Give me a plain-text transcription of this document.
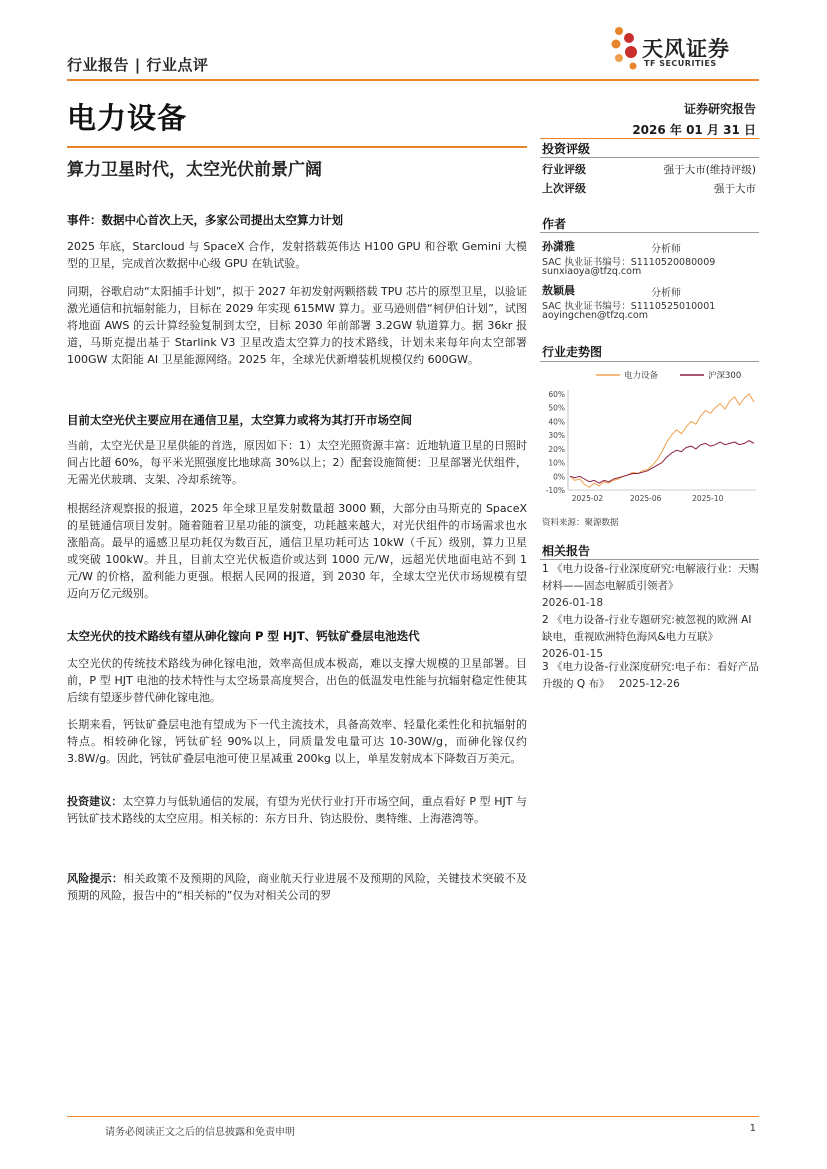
行业报告 | 行业点评
天风证券
TF SECURITIES
电力设备	证券研究报告
2026 年 01 月 31 日
算力卫星时代，太空光伏前景广阔
投资评级
行业评级	强于大市(维持评级)
上次评级	强于大市
作者
孙潇雅	分析师
SAC 执业证书编号：S1110520080009
sunxiaoya@tfzq.com
敖颖晨	分析师
SAC 执业证书编号：S1110525010001
aoyingchen@tfzq.com
行业走势图
电力设备	沪深300
60%
50%
40%
30%
20%
10%
0%
-10%
2025-02	2025-06	2025-10
资料来源：聚源数据
相关报告
1 《电力设备-行业深度研究:电解液行业：天赐材料——固态电解质引领者》
2026-01-18
2 《电力设备-行业专题研究:被忽视的欧洲 AI 缺电，重视欧洲特色海风&电力互联》
2026-01-15
3 《电力设备-行业深度研究:电子布：看好产品升级的 Q 布》 2025-12-26
事件：数据中心首次上天，多家公司提出太空算力计划
2025 年底，Starcloud 与 SpaceX 合作，发射搭载英伟达 H100 GPU 和谷歌 Gemini 大模型的卫星，完成首次数据中心级 GPU 在轨试验。
同期，谷歌启动“太阳捕手计划”，拟于 2027 年初发射两颗搭载 TPU 芯片的原型卫星，以验证激光通信和抗辐射能力，目标在 2029 年实现 615MW 算力。亚马逊则借“柯伊伯计划”，试图将地面 AWS 的云计算经验复制到太空，目标 2030 年前部署 3.2GW 轨道算力。据 36kr 报道，马斯克提出基于 Starlink V3 卫星改造太空算力的技术路线，计划未来每年向太空部署 100GW 太阳能 AI 卫星能源网络。2025 年，全球光伏新增装机规模仅约 600GW。
目前太空光伏主要应用在通信卫星，太空算力或将为其打开市场空间
当前，太空光伏是卫星供能的首选，原因如下：1）太空光照资源丰富：近地轨道卫星的日照时间占比超 60%，每平米光照强度比地球高 30%以上；2）配套设施简便：卫星部署光伏组件，无需光伏玻璃、支架、冷却系统等。
根据经济观察报的报道，2025 年全球卫星发射数量超 3000 颗，大部分由马斯克的 SpaceX 的星链通信项目发射。随着随着卫星功能的演变，功耗越来越大，对光伏组件的市场需求也水涨船高。最早的遥感卫星功耗仅为数百瓦，通信卫星功耗可达 10kW（千瓦）级别，算力卫星或突破 100kW。并且，目前太空光伏板造价或达到 1000 元/W，远超光伏地面电站不到 1 元/W 的价格，盈利能力更强。根据人民网的报道，到 2030 年，全球太空光伏市场规模有望迈向万亿元级别。
太空光伏的技术路线有望从砷化镓向 P 型 HJT、钙钛矿叠层电池迭代
太空光伏的传统技术路线为砷化镓电池，效率高但成本极高，难以支撑大规模的卫星部署。目前，P 型 HJT 电池的技术特性与太空场景高度契合，出色的低温发电性能与抗辐射稳定性使其后续有望逐步替代砷化镓电池。
长期来看，钙钛矿叠层电池有望成为下一代主流技术，具备高效率、轻量化柔性化和抗辐射的特点。相较砷化镓，钙钛矿轻 90%以上，同质量发电量可达 10-30W/g，而砷化镓仅约 3.8W/g。因此，钙钛矿叠层电池可使卫星减重 200kg 以上，单星发射成本下降数百万美元。
投资建议：太空算力与低轨通信的发展，有望为光伏行业打开市场空间，重点看好 P 型 HJT 与钙钛矿技术路线的太空应用。相关标的：东方日升、钧达股份、奥特维、上海港湾等。
风险提示：相关政策不及预期的风险，商业航天行业进展不及预期的风险，关键技术突破不及预期的风险，报告中的“相关标的”仅为对相关公司的罗
请务必阅读正文之后的信息披露和免责申明	1
